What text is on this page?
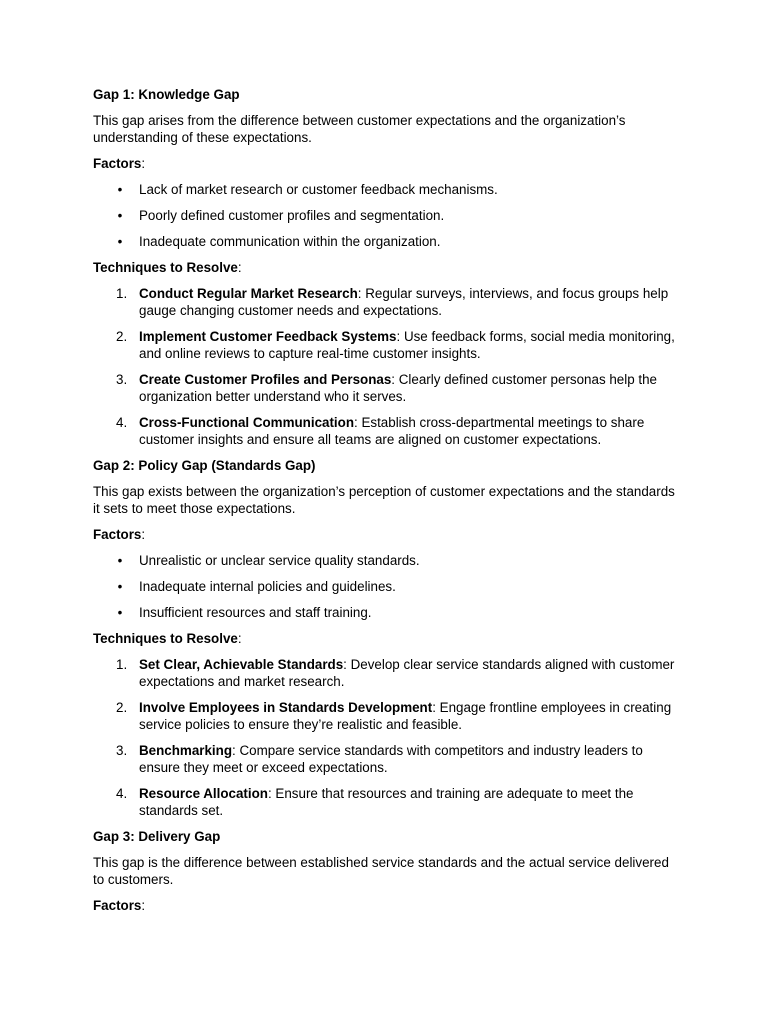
Gap 1: Knowledge Gap
This gap arises from the difference between customer expectations and the organization’s understanding of these expectations.
Factors:
• Lack of market research or customer feedback mechanisms.
• Poorly defined customer profiles and segmentation.
• Inadequate communication within the organization.
Techniques to Resolve:
1. Conduct Regular Market Research: Regular surveys, interviews, and focus groups help gauge changing customer needs and expectations.
2. Implement Customer Feedback Systems: Use feedback forms, social media monitoring, and online reviews to capture real-time customer insights.
3. Create Customer Profiles and Personas: Clearly defined customer personas help the organization better understand who it serves.
4. Cross-Functional Communication: Establish cross-departmental meetings to share customer insights and ensure all teams are aligned on customer expectations.
Gap 2: Policy Gap (Standards Gap)
This gap exists between the organization’s perception of customer expectations and the standards it sets to meet those expectations.
Factors:
• Unrealistic or unclear service quality standards.
• Inadequate internal policies and guidelines.
• Insufficient resources and staff training.
Techniques to Resolve:
1. Set Clear, Achievable Standards: Develop clear service standards aligned with customer expectations and market research.
2. Involve Employees in Standards Development: Engage frontline employees in creating service policies to ensure they’re realistic and feasible.
3. Benchmarking: Compare service standards with competitors and industry leaders to ensure they meet or exceed expectations.
4. Resource Allocation: Ensure that resources and training are adequate to meet the standards set.
Gap 3: Delivery Gap
This gap is the difference between established service standards and the actual service delivered to customers.
Factors:
